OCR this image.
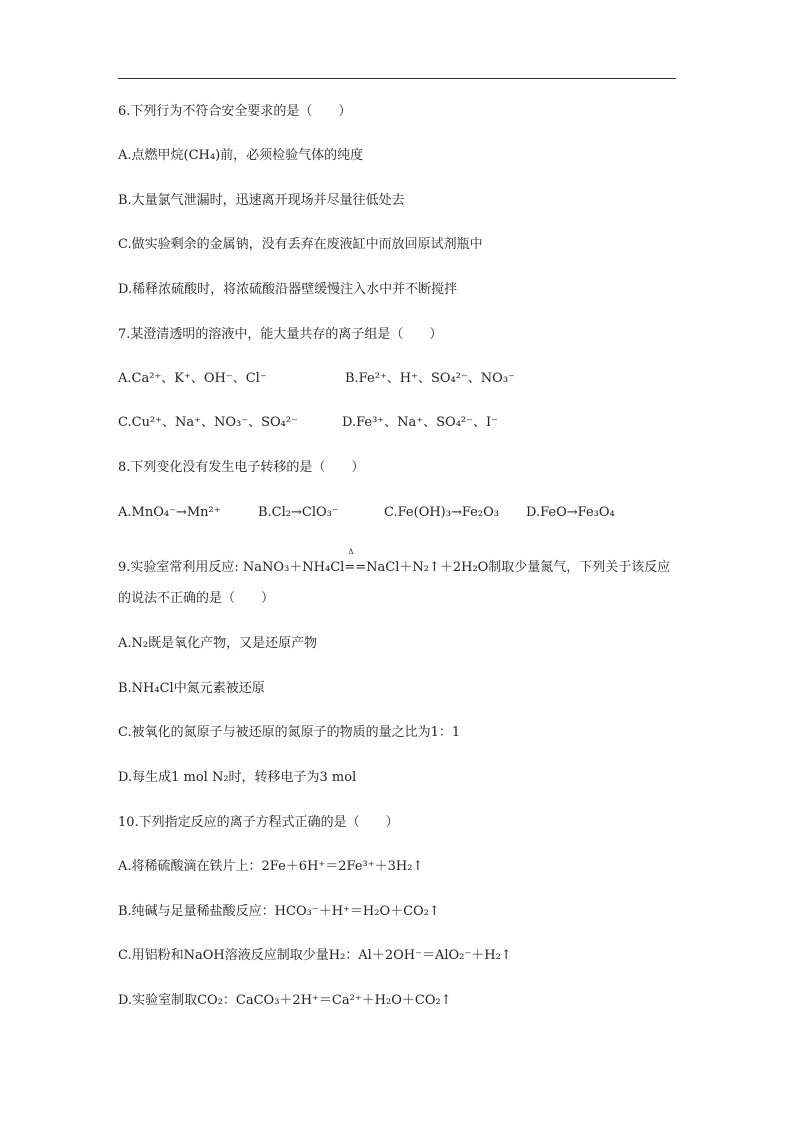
6.下列行为不符合安全要求的是（　　）
A.点燃甲烷(CH₄)前，必须检验气体的纯度
B.大量氯气泄漏时，迅速离开现场并尽量往低处去
C.做实验剩余的金属钠，没有丢弃在废液缸中而放回原试剂瓶中
D.稀释浓硫酸时，将浓硫酸沿器壁缓慢注入水中并不断搅拌
7.某澄清透明的溶液中，能大量共存的离子组是（　　）
A.Ca²⁺、K⁺、OH⁻、Cl⁻	B.Fe²⁺、H⁺、SO₄²⁻、NO₃⁻
C.Cu²⁺、Na⁺、NO₃⁻、SO₄²⁻	D.Fe³⁺、Na⁺、SO₄²⁻、I⁻
8.下列变化没有发生电子转移的是（　　）
A.MnO₄⁻→Mn²⁺	B.Cl₂→ClO₃⁻	C.Fe(OH)₃→Fe₂O₃ D.FeO→Fe₃O₄
9.实验室常利用反应: NaNO₃＋NH₄Cl
Δ
==NaCl＋N₂↑＋2H₂O制取少量氮气，下列关于该反应
的说法不正确的是（　　）
A.N₂既是氧化产物，又是还原产物
B.NH₄Cl中氮元素被还原
C.被氧化的氮原子与被还原的氮原子的物质的量之比为1：1
D.每生成1 mol N₂时，转移电子为3 mol
10.下列指定反应的离子方程式正确的是（　　）
A.将稀硫酸滴在铁片上：2Fe＋6H⁺＝2Fe³⁺＋3H₂↑
B.纯碱与足量稀盐酸反应：HCO₃⁻＋H⁺＝H₂O＋CO₂↑
C.用铝粉和NaOH溶液反应制取少量H₂：Al＋2OH⁻＝AlO₂⁻＋H₂↑
D.实验室制取CO₂：CaCO₃＋2H⁺＝Ca²⁺＋H₂O＋CO₂↑
